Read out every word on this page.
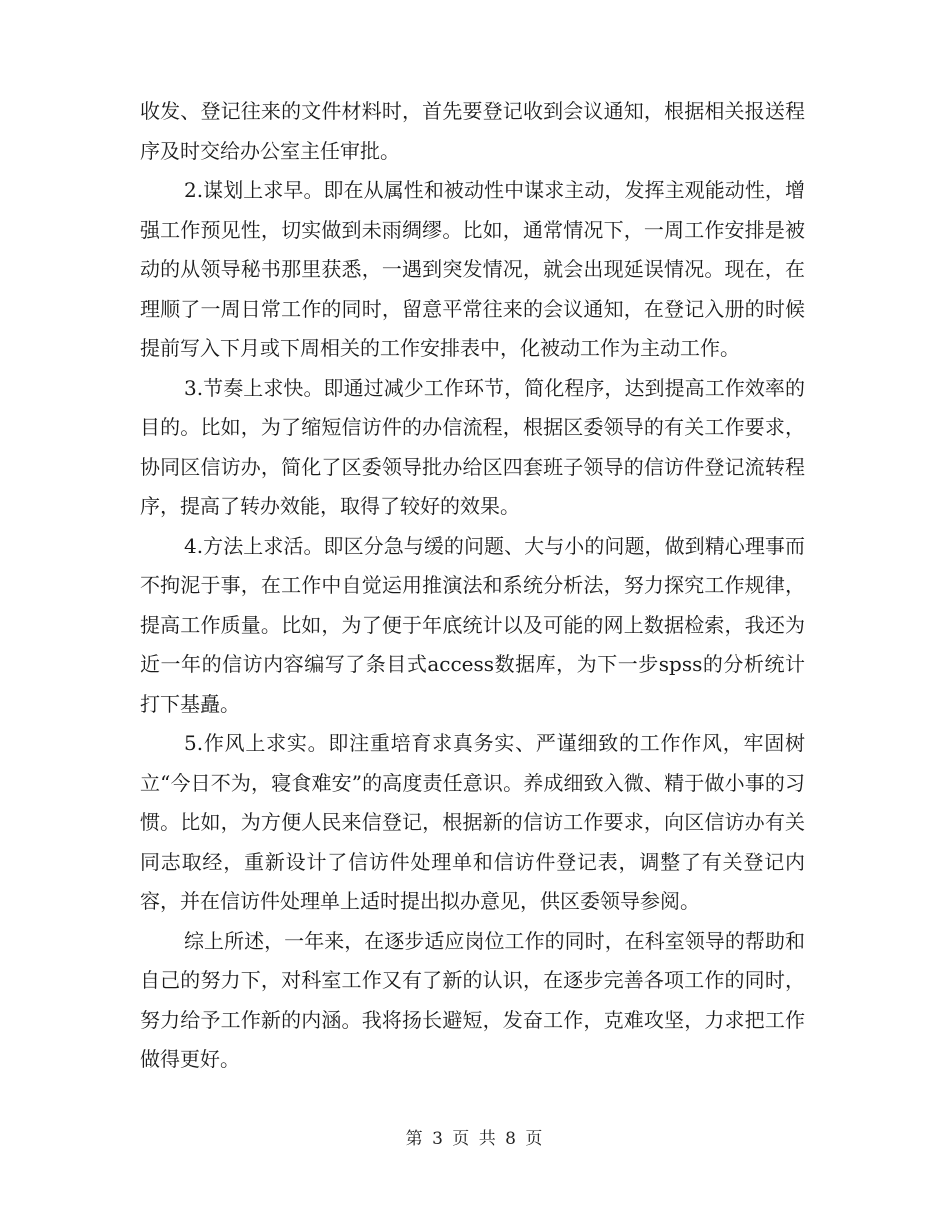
收发、登记往来的文件材料时，首先要登记收到会议通知，根据相关报送程序及时交给办公室主任审批。

2.谋划上求早。即在从属性和被动性中谋求主动，发挥主观能动性，增强工作预见性，切实做到未雨绸缪。比如，通常情况下，一周工作安排是被动的从领导秘书那里获悉，一遇到突发情况，就会出现延误情况。现在，在理顺了一周日常工作的同时，留意平常往来的会议通知，在登记入册的时候提前写入下月或下周相关的工作安排表中，化被动工作为主动工作。

3.节奏上求快。即通过减少工作环节，简化程序，达到提高工作效率的目的。比如，为了缩短信访件的办信流程，根据区委领导的有关工作要求，协同区信访办，简化了区委领导批办给区四套班子领导的信访件登记流转程序，提高了转办效能，取得了较好的效果。

4.方法上求活。即区分急与缓的问题、大与小的问题，做到精心理事而不拘泥于事，在工作中自觉运用推演法和系统分析法，努力探究工作规律，提高工作质量。比如，为了便于年底统计以及可能的网上数据检索，我还为近一年的信访内容编写了条目式access数据库，为下一步spss的分析统计打下基矗。

5.作风上求实。即注重培育求真务实、严谨细致的工作作风，牢固树立“今日不为，寝食难安”的高度责任意识。养成细致入微、精于做小事的习惯。比如，为方便人民来信登记，根据新的信访工作要求，向区信访办有关同志取经，重新设计了信访件处理单和信访件登记表，调整了有关登记内容，并在信访件处理单上适时提出拟办意见，供区委领导参阅。

综上所述，一年来，在逐步适应岗位工作的同时，在科室领导的帮助和自己的努力下，对科室工作又有了新的认识，在逐步完善各项工作的同时，努力给予工作新的内涵。我将扬长避短，发奋工作，克难攻坚，力求把工作做得更好。

第 3 页 共 8 页
